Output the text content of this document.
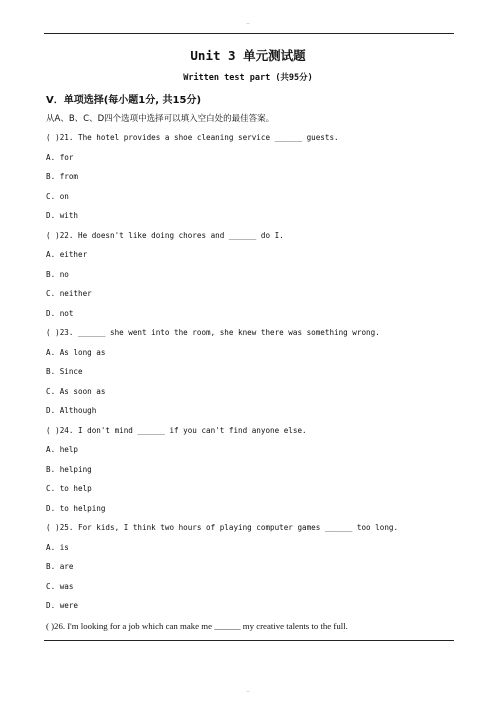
..
Unit 3 单元测试题
Written test part (共95分)
V．单项选择(每小题1分, 共15分)
从A、B、C、D四个选项中选择可以填入空白处的最佳答案。
( )21. The hotel provides a shoe cleaning service ______ guests.
A. for
B. from
C. on
D. with
( )22. He doesn't like doing chores and ______ do I.
A. either
B. no
C. neither
D. not
( )23. ______ she went into the room, she knew there was something wrong.
A. As long as
B. Since
C. As soon as
D. Although
( )24. I don't mind ______ if you can't find anyone else.
A. help
B. helping
C. to help
D. to helping
( )25. For kids, I think two hours of playing computer games ______ too long.
A. is
B. are
C. was
D. were
( )26. I'm looking for a job which can make me ______ my creative talents to the full.
..
